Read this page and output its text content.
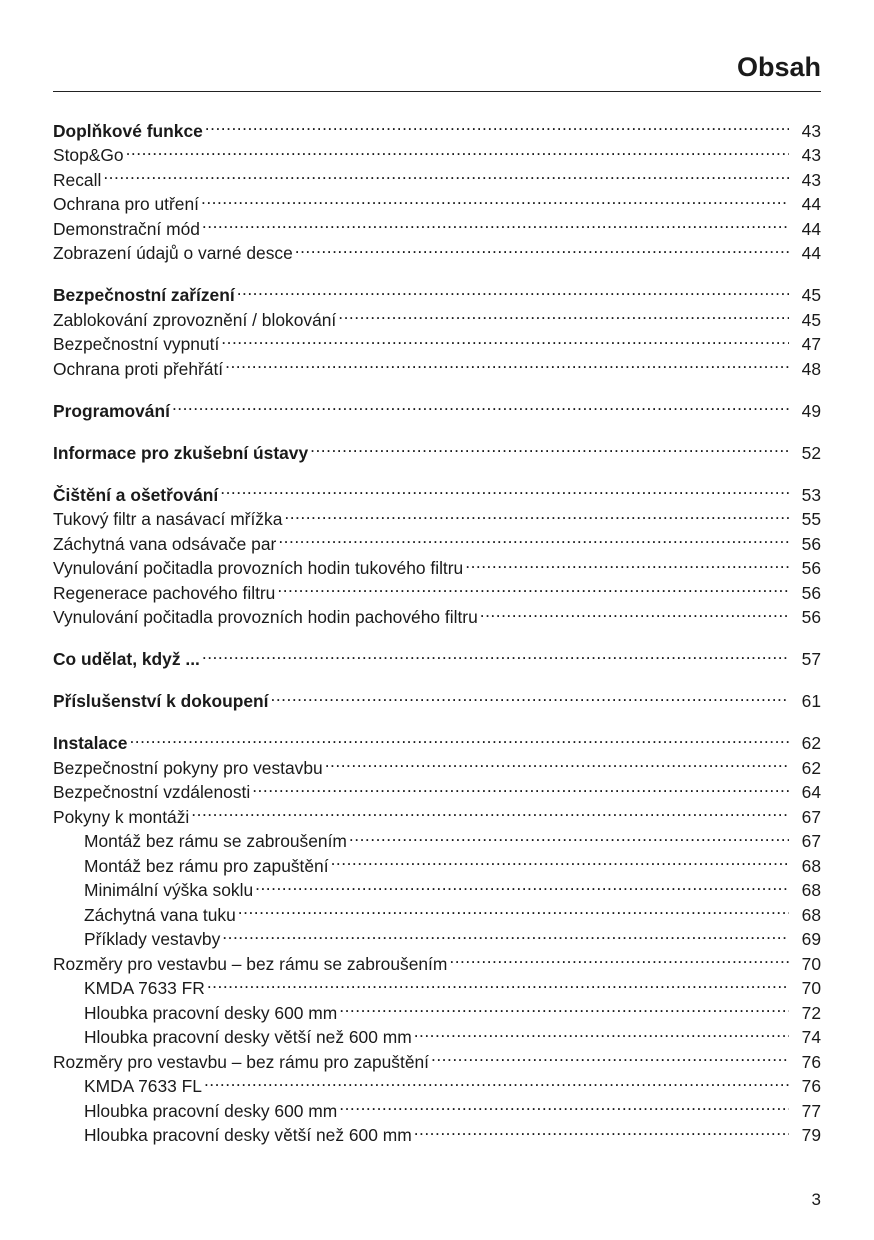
Obsah
Doplňkové funkce .....	43
Stop&Go .....	43
Recall .....	43
Ochrana pro utření .....	44
Demonstrační mód .....	44
Zobrazení údajů o varné desce .....	44
Bezpečnostní zařízení .....	45
Zablokování zprovoznění / blokování .....	45
Bezpečnostní vypnutí .....	47
Ochrana proti přehřátí .....	48
Programování .....	49
Informace pro zkušební ústavy .....	52
Čištění a ošetřování .....	53
Tukový filtr a nasávací mřížka .....	55
Záchytná vana odsávače par .....	56
Vynulování počitadla provozních hodin tukového filtru .....	56
Regenerace pachového filtru .....	56
Vynulování počitadla provozních hodin pachového filtru .....	56
Co udělat, když ... .....	57
Příslušenství k dokoupení .....	61
Instalace .....	62
Bezpečnostní pokyny pro vestavbu .....	62
Bezpečnostní vzdálenosti .....	64
Pokyny k montáži .....	67
Montáž bez rámu se zabroušením .....	67
Montáž bez rámu pro zapuštění .....	68
Minimální výška soklu .....	68
Záchytná vana tuku .....	68
Příklady vestavby .....	69
Rozměry pro vestavbu – bez rámu se zabroušením .....	70
KMDA 7633 FR .....	70
Hloubka pracovní desky 600 mm .....	72
Hloubka pracovní desky větší než 600 mm .....	74
Rozměry pro vestavbu – bez rámu pro zapuštění .....	76
KMDA 7633 FL .....	76
Hloubka pracovní desky 600 mm .....	77
Hloubka pracovní desky větší než 600 mm .....	79
3
